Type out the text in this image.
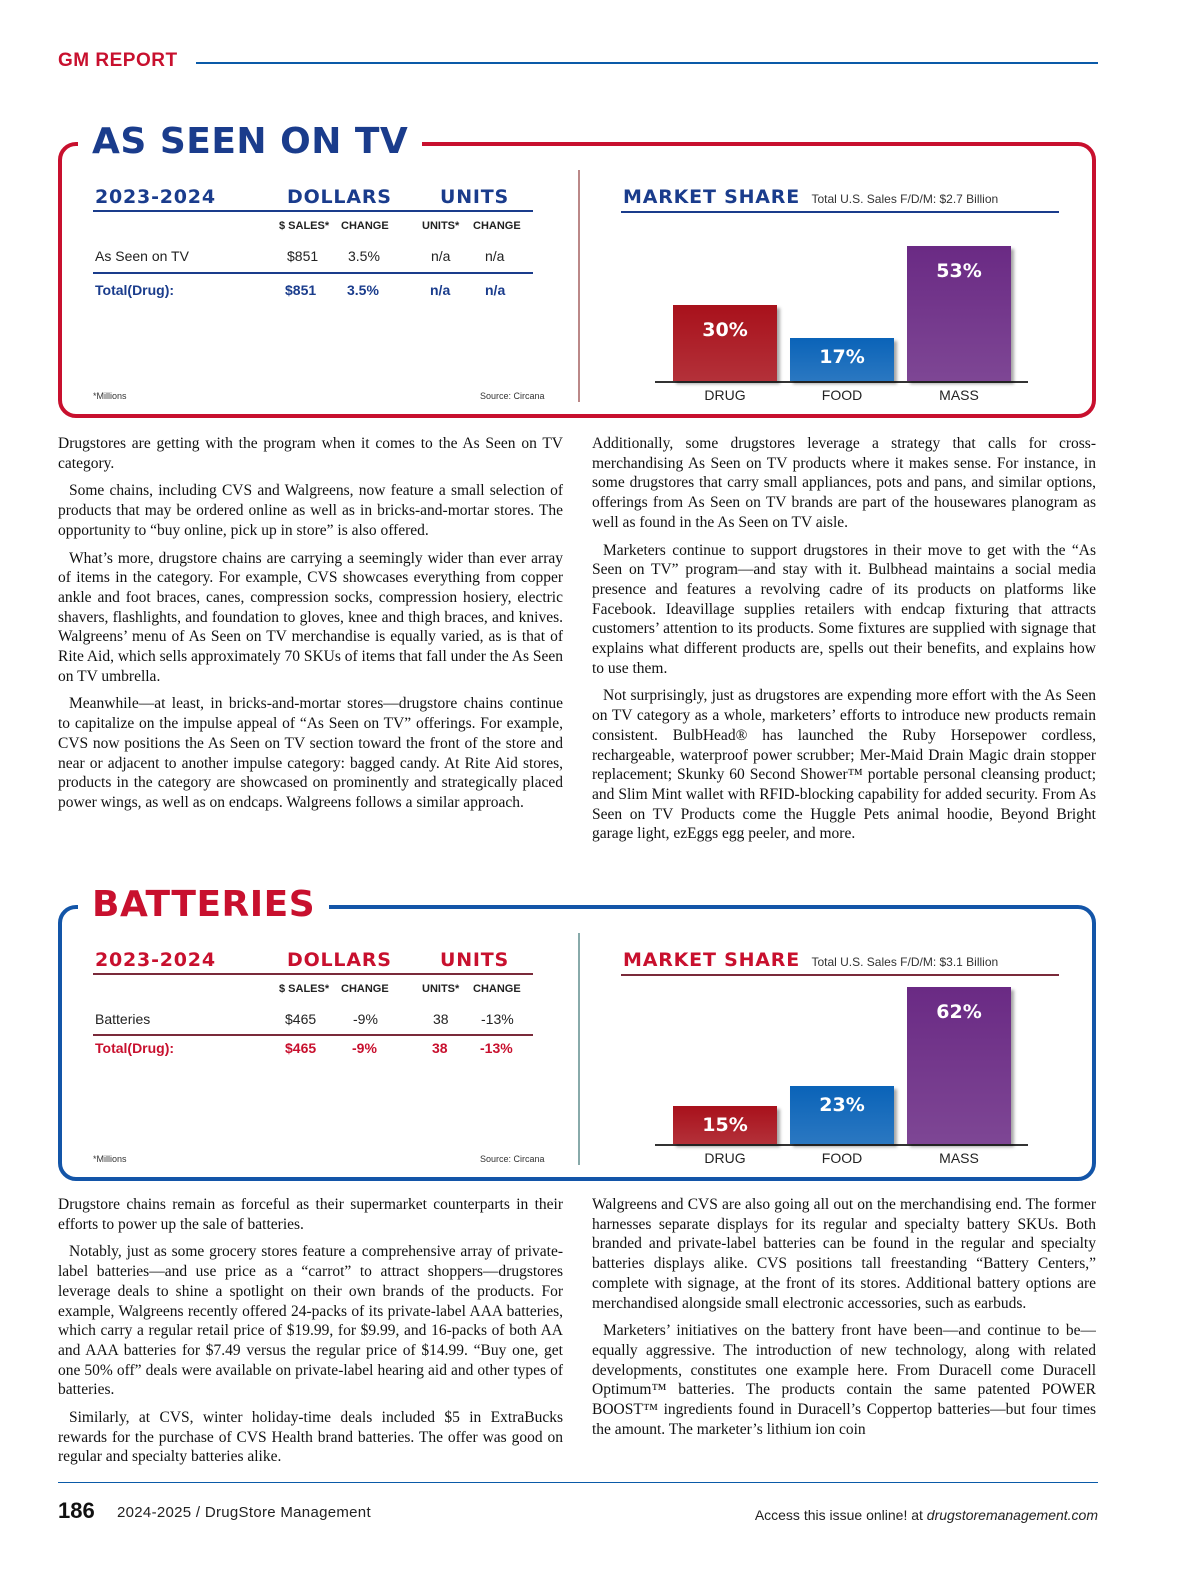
GM REPORT
AS SEEN ON TV
2023-2024	DOLLARS	UNITS
$ SALES* CHANGE	UNITS* CHANGE
As Seen on TV	$851 3.5%	n/a n/a
Total(Drug):	$851 3.5%	n/a n/a
*Millions	Source: Circana
MARKET SHARE Total U.S. Sales F/D/M: $2.7 Billion
30%
DRUG
17%
FOOD
53%
MASS

Drugstores are getting with the program when it comes to the As Seen on TV category.

Some chains, including CVS and Walgreens, now feature a small selection of products that may be ordered online as well as in bricks-and-mortar stores. The opportunity to “buy online, pick up in store” is also offered.

What’s more, drugstore chains are carrying a seemingly wider than ever array of items in the category. For example, CVS showcases everything from copper ankle and foot braces, canes, compression socks, compression hosiery, electric shavers, flashlights, and foundation to gloves, knee and thigh braces, and knives. Walgreens’ menu of As Seen on TV merchandise is equally varied, as is that of Rite Aid, which sells approximately 70 SKUs of items that fall under the As Seen on TV umbrella.

Meanwhile—at least, in bricks-and-mortar stores—drugstore chains continue to capitalize on the impulse appeal of “As Seen on TV” offerings. For example, CVS now positions the As Seen on TV section toward the front of the store and near or adjacent to another impulse category: bagged candy. At Rite Aid stores, products in the category are showcased on prominently and strategically placed power wings, as well as on endcaps. Walgreens follows a similar approach.

Additionally, some drugstores leverage a strategy that calls for cross-merchandising As Seen on TV products where it makes sense. For instance, in some drugstores that carry small appliances, pots and pans, and similar options, offerings from As Seen on TV brands are part of the housewares planogram as well as found in the As Seen on TV aisle.

Marketers continue to support drugstores in their move to get with the “As Seen on TV” program—and stay with it. Bulbhead maintains a social media presence and features a revolving cadre of its products on platforms like Facebook. Ideavillage supplies retailers with endcap fixturing that attracts customers’ attention to its products. Some fixtures are supplied with signage that explains what different products are, spells out their benefits, and explains how to use them.

Not surprisingly, just as drugstores are expending more effort with the As Seen on TV category as a whole, marketers’ efforts to introduce new products remain consistent. BulbHead® has launched the Ruby Horsepower cordless, rechargeable, waterproof power scrubber; Mer-Maid Drain Magic drain stopper replacement; Skunky 60 Second Shower™ portable personal cleansing product; and Slim Mint wallet with RFID-blocking capability for added security. From As Seen on TV Products come the Huggle Pets animal hoodie, Beyond Bright garage light, ezEggs egg peeler, and more.

BATTERIES
2023-2024	DOLLARS	UNITS
$ SALES* CHANGE	UNITS* CHANGE
Batteries	$465	-9%	38 -13%
Total(Drug):	$465	-9%	38 -13%
*Millions	Source: Circana
MARKET SHARE Total U.S. Sales F/D/M: $3.1 Billion
15%
DRUG
23%
FOOD
62%
MASS

Drugstore chains remain as forceful as their supermarket counterparts in their efforts to power up the sale of batteries.

Notably, just as some grocery stores feature a comprehensive array of private-label batteries—and use price as a “carrot” to attract shoppers—drugstores leverage deals to shine a spotlight on their own brands of the products. For example, Walgreens recently offered 24-packs of its private-label AAA batteries, which carry a regular retail price of $19.99, for $9.99, and 16-packs of both AA and AAA batteries for $7.49 versus the regular price of $14.99. “Buy one, get one 50% off” deals were available on private-label hearing aid and other types of batteries.

Similarly, at CVS, winter holiday-time deals included $5 in ExtraBucks rewards for the purchase of CVS Health brand batteries. The offer was good on regular and specialty batteries alike.

Walgreens and CVS are also going all out on the merchandising end. The former harnesses separate displays for its regular and specialty battery SKUs. Both branded and private-label batteries can be found in the regular and specialty batteries displays alike. CVS positions tall freestanding “Battery Centers,” complete with signage, at the front of its stores. Additional battery options are merchandised alongside small electronic accessories, such as earbuds.

Marketers’ initiatives on the battery front have been—and continue to be—equally aggressive. The introduction of new technology, along with related developments, constitutes one example here. From Duracell come Duracell Optimum™ batteries. The products contain the same patented POWER BOOST™ ingredients found in Duracell’s Coppertop batteries—but four times the amount. The marketer’s lithium ion coin

186 2024-2025 / DrugStore Management	Access this issue online! at drugstoremanagement.com
